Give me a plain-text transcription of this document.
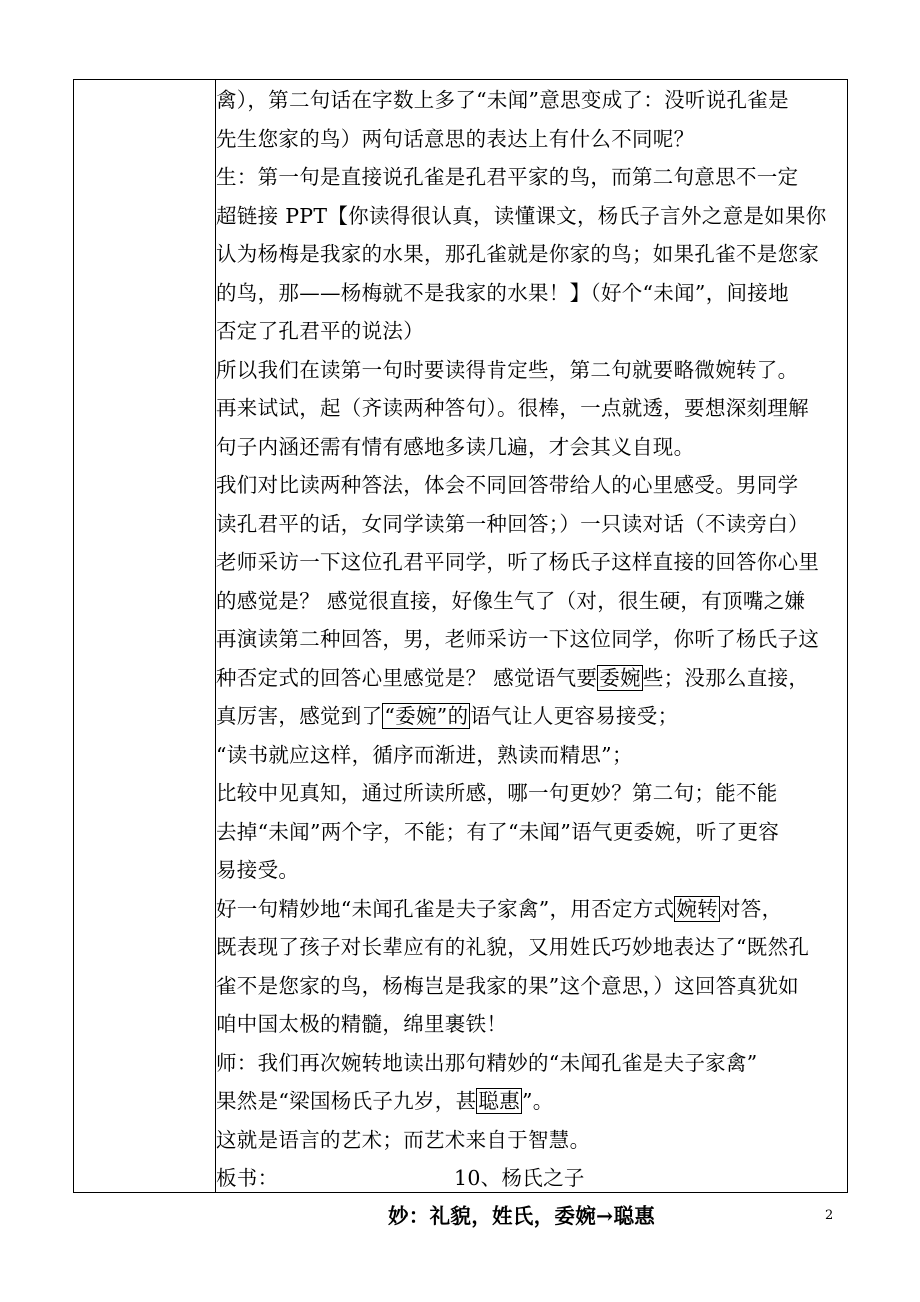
禽），第二句话在字数上多了“未闻”意思变成了：没听说孔雀是
先生您家的鸟）两句话意思的表达上有什么不同呢？
生：第一句是直接说孔雀是孔君平家的鸟，而第二句意思不一定
超链接 PPT【你读得很认真，读懂课文，杨氏子言外之意是如果你
认为杨梅是我家的水果，那孔雀就是你家的鸟；如果孔雀不是您家
的鸟，那——杨梅就不是我家的水果！】（好个“未闻”，间接地
否定了孔君平的说法）
所以我们在读第一句时要读得肯定些，第二句就要略微婉转了。
再来试试，起（齐读两种答句）。很棒，一点就透，要想深刻理解
句子内涵还需有情有感地多读几遍，才会其义自现。
我们对比读两种答法，体会不同回答带给人的心里感受。男同学
读孔君平的话，女同学读第一种回答；）一只读对话（不读旁白）
老师采访一下这位孔君平同学，听了杨氏子这样直接的回答你心里
的感觉是？ 感觉很直接，好像生气了（对，很生硬，有顶嘴之嫌
再演读第二种回答，男，老师采访一下这位同学，你听了杨氏子这
种否定式的回答心里感觉是？ 感觉语气要委婉些；没那么直接，
真厉害，感觉到了“委婉”的语气让人更容易接受；
“读书就应这样，循序而渐进，熟读而精思”；
比较中见真知，通过所读所感，哪一句更妙？第二句；能不能
去掉“未闻”两个字，不能；有了“未闻”语气更委婉，听了更容
易接受。
好一句精妙地“未闻孔雀是夫子家禽”，用否定方式婉转对答，
既表现了孩子对长辈应有的礼貌，又用姓氏巧妙地表达了“既然孔
雀不是您家的鸟，杨梅岂是我家的果”这个意思，）这回答真犹如
咱中国太极的精髓，绵里裹铁！
师：我们再次婉转地读出那句精妙的“未闻孔雀是夫子家禽”
果然是“梁国杨氏子九岁，甚聪惠”。
这就是语言的艺术；而艺术来自于智慧。
板书：	10、杨氏之子
妙：礼貌，姓氏，委婉→聪惠	2
